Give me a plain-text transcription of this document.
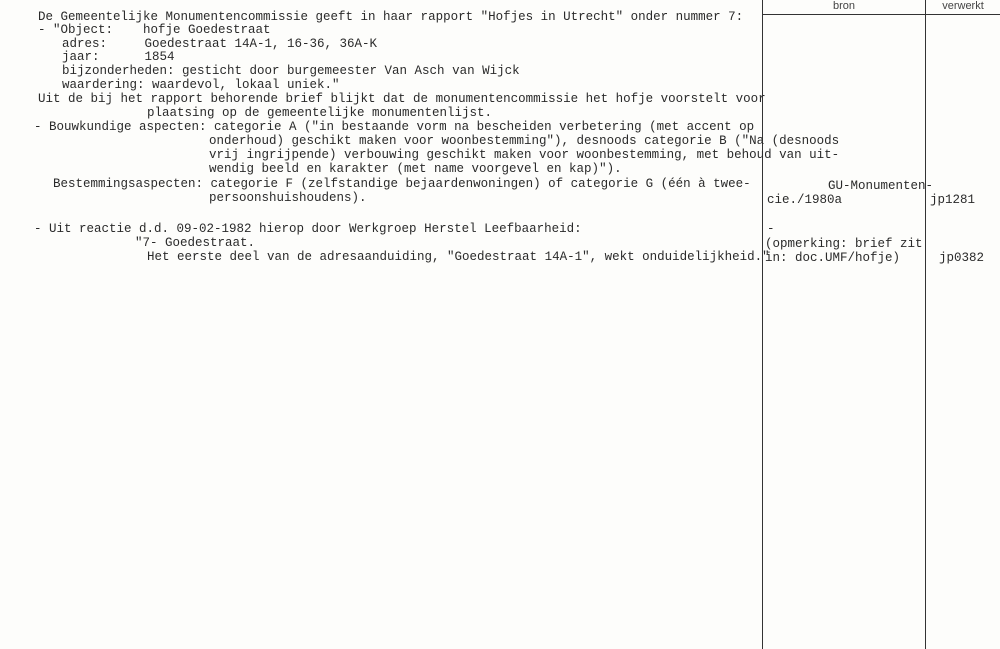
bron	verwerkt
De Gemeentelijke Monumentencommissie geeft in haar rapport "Hofjes in Utrecht" onder nummer 7:
- "Object:    hofje Goedestraat
adres:     Goedestraat 14A-1, 16-36, 36A-K
jaar:      1854
bijzonderheden: gesticht door burgemeester Van Asch van Wijck
waardering: waardevol, lokaal uniek."
Uit de bij het rapport behorende brief blijkt dat de monumentencommissie het hofje voorstelt voor
plaatsing op de gemeentelijke monumentenlijst.
- Bouwkundige aspecten: categorie A ("in bestaande vorm na bescheiden verbetering (met accent op
onderhoud) geschikt maken voor woonbestemming"), desnoods categorie B ("Na (desnoods
vrij ingrijpende) verbouwing geschikt maken voor woonbestemming, met behoud van uit-
wendig beeld en karakter (met name voorgevel en kap)").
Bestemmingsaspecten: categorie F (zelfstandige bejaardenwoningen) of categorie G (één à twee-
persoonshuishoudens).
- Uit reactie d.d. 09-02-1982 hierop door Werkgroep Herstel Leefbaarheid:
"7- Goedestraat.
Het eerste deel van de adresaanduiding, "Goedestraat 14A-1", wekt onduidelijkheid."
GU-Monumenten-
cie./1980a
-
(opmerking: brief zit
in: doc.UMF/hofje)
jp1281
jp0382
